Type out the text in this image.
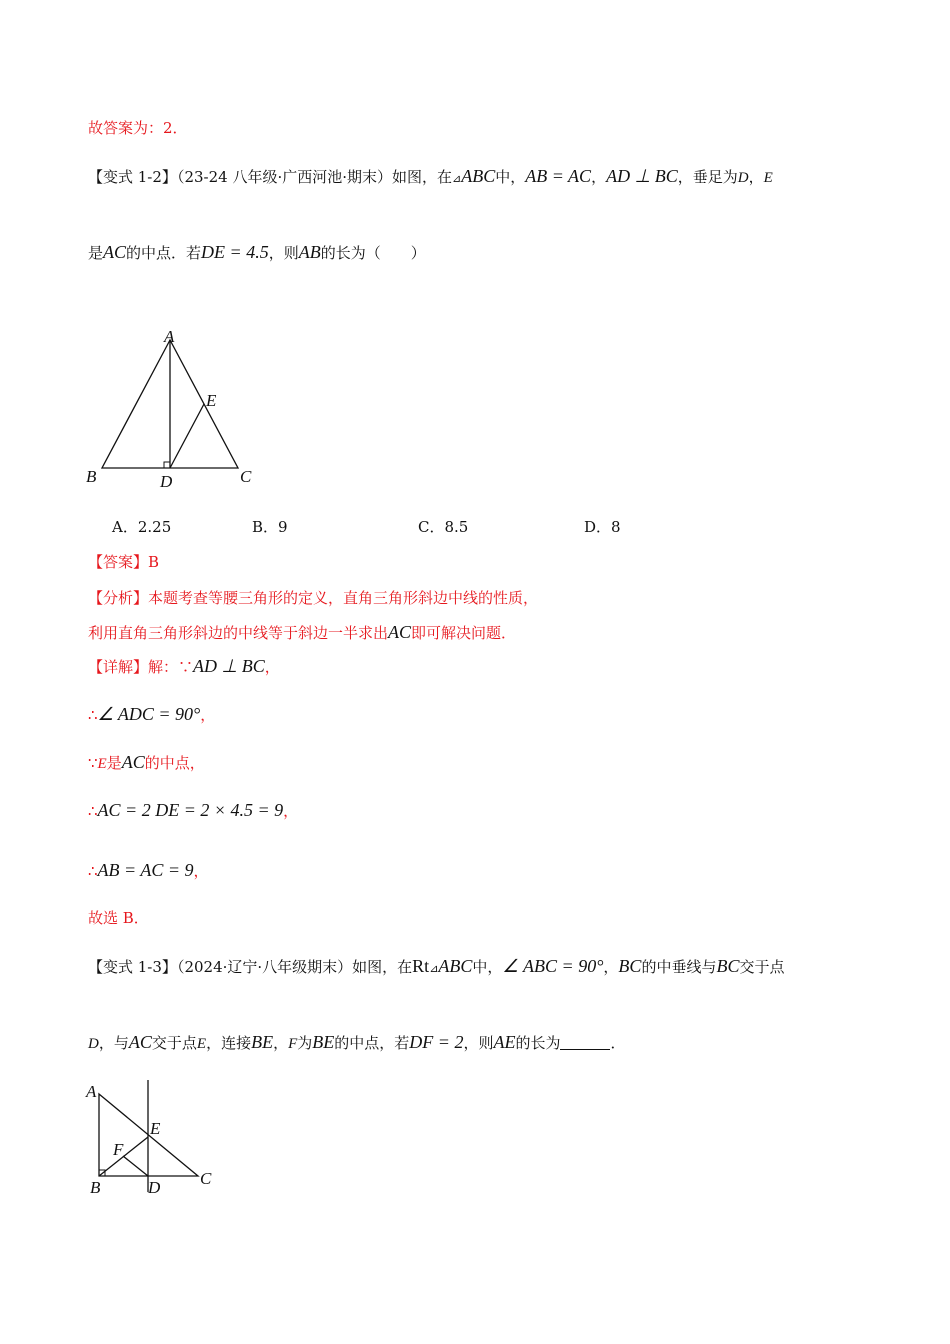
故答案为：2．
【变式 1-2】（23-24 八年级·广西河池·期末）如图，在⊿ABC中，AB = AC，AD ⊥ BC，垂足为D，E
是AC的中点．若DE = 4.5，则AB的长为（　　）
A
B	C
D
E
A．2.25	B．9	C．8.5	D．8
【答案】B
【分析】本题考查等腰三角形的定义，直角三角形斜边中线的性质，
利用直角三角形斜边的中线等于斜边一半求出AC即可解决问题．
【详解】解：∵AD ⊥ BC，
∴∠ ADC = 90°，
∵E是AC的中点，
∴AC = 2 DE = 2 × 4.5 = 9，
∴AB = AC = 9，
故选 B．
【变式 1-3】（2024·辽宁·八年级期末）如图，在Rt⊿ABC中，∠ ABC = 90°，BC的中垂线与BC交于点
D，与AC交于点E，连接BE，F为BE的中点，若DF = 2，则AE的长为	．
A
B	C
D
E
F
